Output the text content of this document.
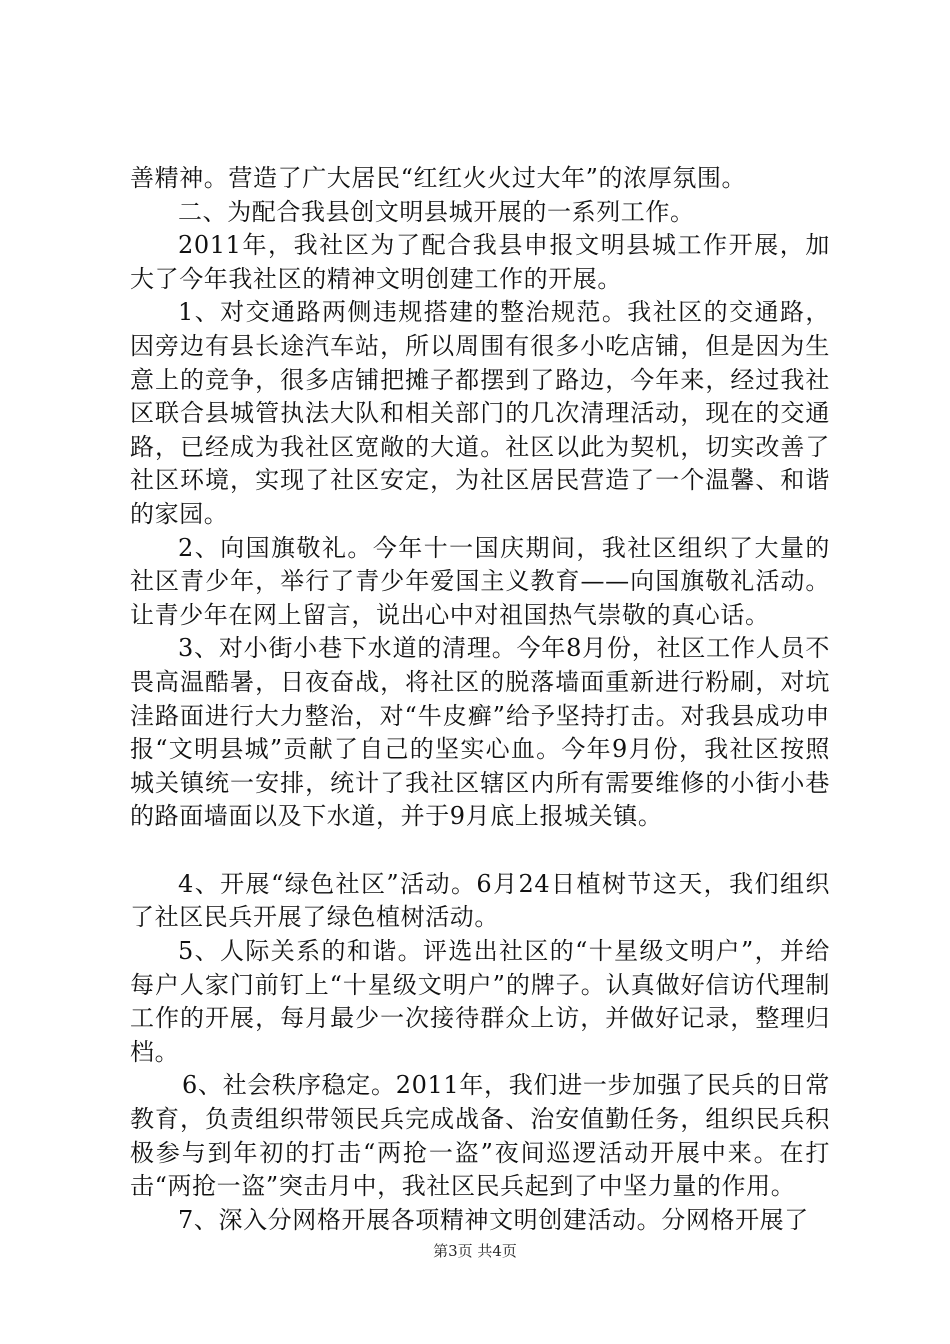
善精神。营造了广大居民“红红火火过大年”的浓厚氛围。

二、为配合我县创文明县城开展的一系列工作。

2011年，我社区为了配合我县申报文明县城工作开展，加大了今年我社区的精神文明创建工作的开展。

1、对交通路两侧违规搭建的整治规范。我社区的交通路，因旁边有县长途汽车站，所以周围有很多小吃店铺，但是因为生意上的竞争，很多店铺把摊子都摆到了路边，今年来，经过我社区联合县城管执法大队和相关部门的几次清理活动，现在的交通路，已经成为我社区宽敞的大道。社区以此为契机，切实改善了社区环境，实现了社区安定，为社区居民营造了一个温馨、和谐的家园。

2、向国旗敬礼。今年十一国庆期间，我社区组织了大量的社区青少年，举行了青少年爱国主义教育——向国旗敬礼活动。让青少年在网上留言，说出心中对祖国热气崇敬的真心话。

3、对小街小巷下水道的清理。今年8月份，社区工作人员不畏高温酷暑，日夜奋战，将社区的脱落墙面重新进行粉刷，对坑洼路面进行大力整治，对“牛皮癣”给予坚持打击。对我县成功申报“文明县城”贡献了自己的坚实心血。今年9月份，我社区按照城关镇统一安排，统计了我社区辖区内所有需要维修的小街小巷的路面墙面以及下水道，并于9月底上报城关镇。

4、开展“绿色社区”活动。6月24日植树节这天，我们组织了社区民兵开展了绿色植树活动。

5、人际关系的和谐。评选出社区的“十星级文明户”，并给每户人家门前钉上“十星级文明户”的牌子。认真做好信访代理制工作的开展，每月最少一次接待群众上访，并做好记录，整理归档。

6、社会秩序稳定。2011年，我们进一步加强了民兵的日常教育，负责组织带领民兵完成战备、治安值勤任务，组织民兵积极参与到年初的打击“两抢一盗”夜间巡逻活动开展中来。在打击“两抢一盗”突击月中，我社区民兵起到了中坚力量的作用。

7、深入分网格开展各项精神文明创建活动。分网格开展了

第3页 共4页
